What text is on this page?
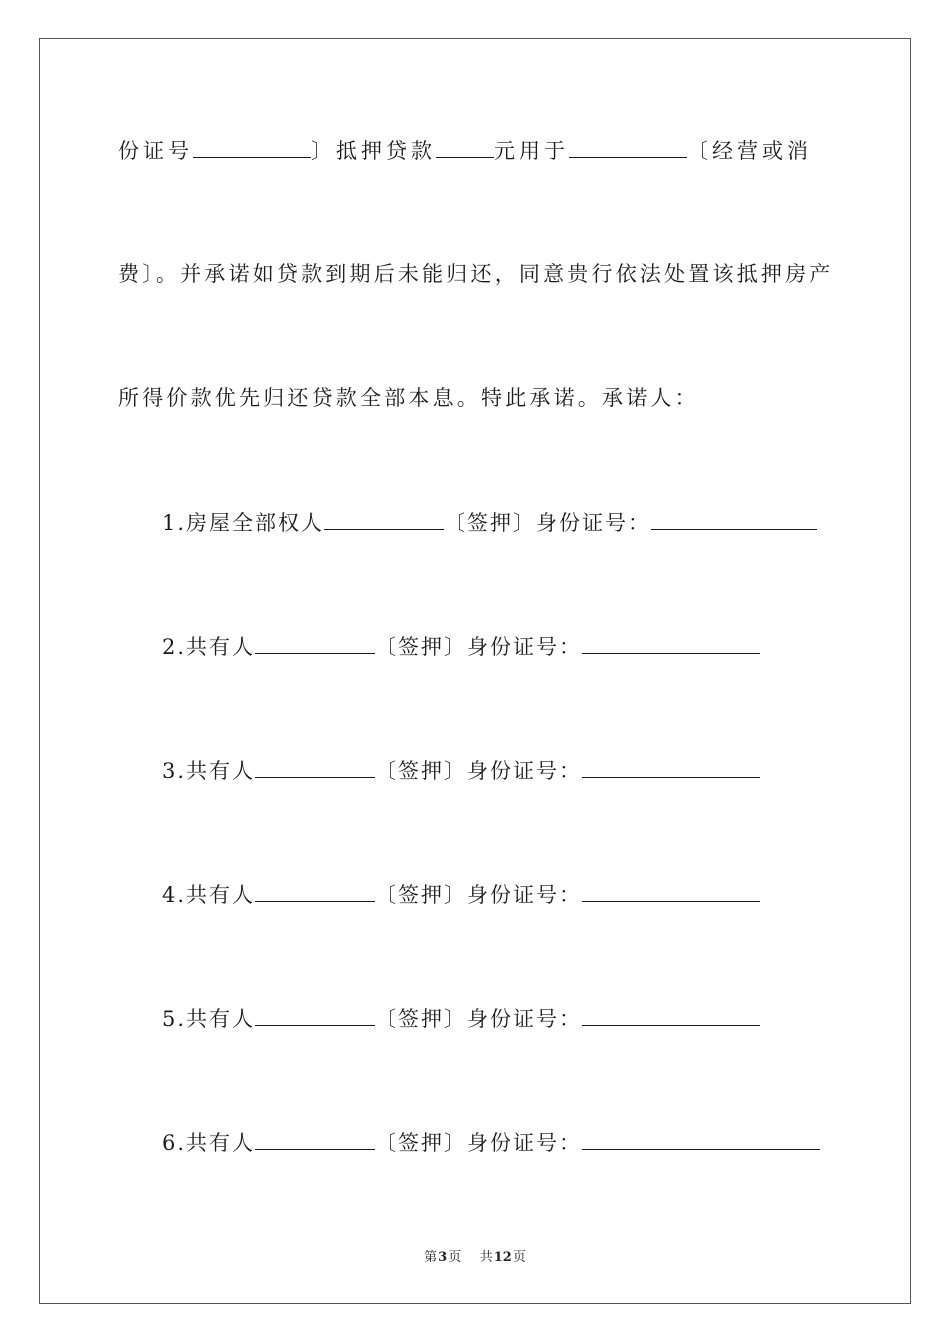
份证号	〕抵押贷款	元用于	〔经营或消
费〕。并承诺如贷款到期后未能归还，同意贵行依法处置该抵押房产
所得价款优先归还贷款全部本息。特此承诺。承诺人：
1.房屋全部权人	〔签押〕身份证号：
2.共有人	〔签押〕身份证号：
3.共有人	〔签押〕身份证号：
4.共有人	〔签押〕身份证号：
5.共有人	〔签押〕身份证号：
6.共有人	〔签押〕身份证号：
第3页 共12页
